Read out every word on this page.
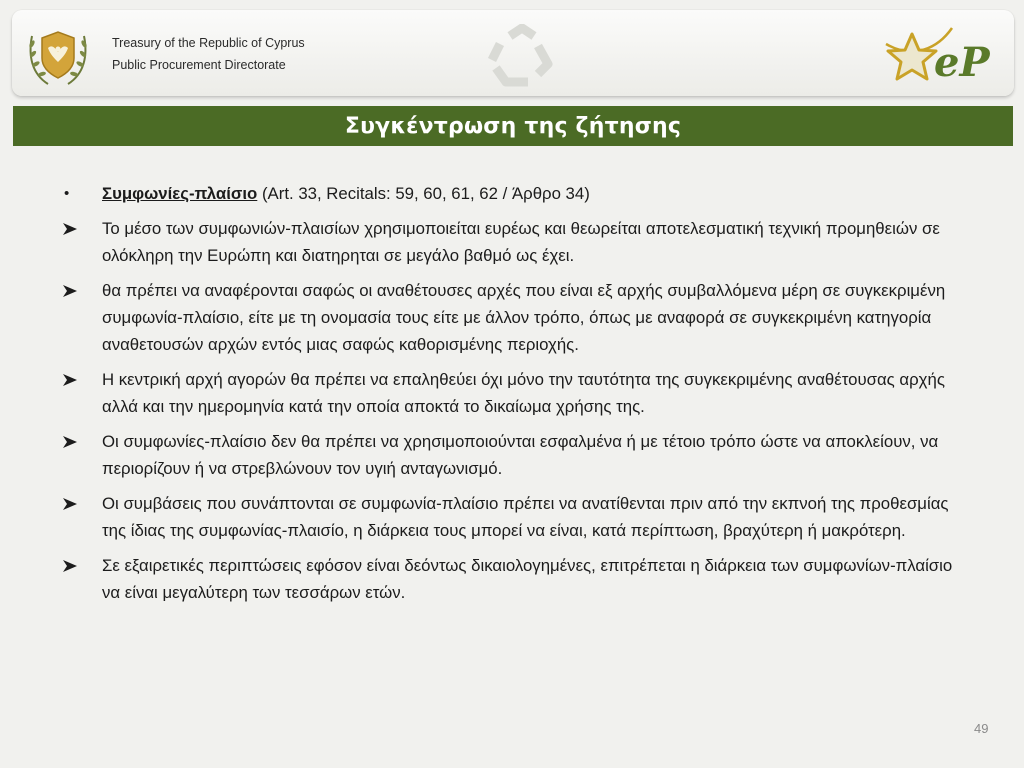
Treasury of the Republic of Cyprus
Public Procurement Directorate	eP
Συγκέντρωση της ζήτησης
•	Συμφωνίες-πλαίσιο (Art. 33, Recitals: 59, 60, 61, 62 / Άρθρο 34)
Το μέσο των συμφωνιών-πλαισίων χρησιμοποιείται ευρέως και θεωρείται αποτελεσματική τεχνική προμηθειών σε ολόκληρη την Ευρώπη και διατηρηται σε μεγάλο βαθμό ως έχει.
θα πρέπει να αναφέρονται σαφώς οι αναθέτουσες αρχές που είναι εξ αρχής συμβαλλόμενα μέρη σε συγκεκριμένη συμφωνία-πλαίσιο, είτε με τη ονομασία τους είτε με άλλον τρόπο, όπως με αναφορά σε συγκεκριμένη κατηγορία αναθετουσών αρχών εντός μιας σαφώς καθορισμένης περιοχής.
Η κεντρική αρχή αγορών θα πρέπει να επαληθεύει όχι μόνο την ταυτότητα της συγκεκριμένης αναθέτουσας αρχής αλλά και την ημερομηνία κατά την οποία αποκτά το δικαίωμα χρήσης της.
Οι συμφωνίες-πλαίσιο δεν θα πρέπει να χρησιμοποιούνται εσφαλμένα ή με τέτοιο τρόπο ώστε να αποκλείουν, να περιορίζουν ή να στρεβλώνουν τον υγιή ανταγωνισμό.
Οι συμβάσεις που συνάπτονται σε συμφωνία-πλαίσιο πρέπει να ανατίθενται πριν από την εκπνοή της προθεσμίας της ίδιας της συμφωνίας-πλαισίο, η διάρκεια τους μπορεί να είναι, κατά περίπτωση, βραχύτερη ή μακρότερη.
Σε εξαιρετικές περιπτώσεις εφόσον είναι δεόντως δικαιολογημένες, επιτρέπεται η διάρκεια των συμφωνίων-πλαίσιο να είναι μεγαλύτερη των τεσσάρων ετών.
49
